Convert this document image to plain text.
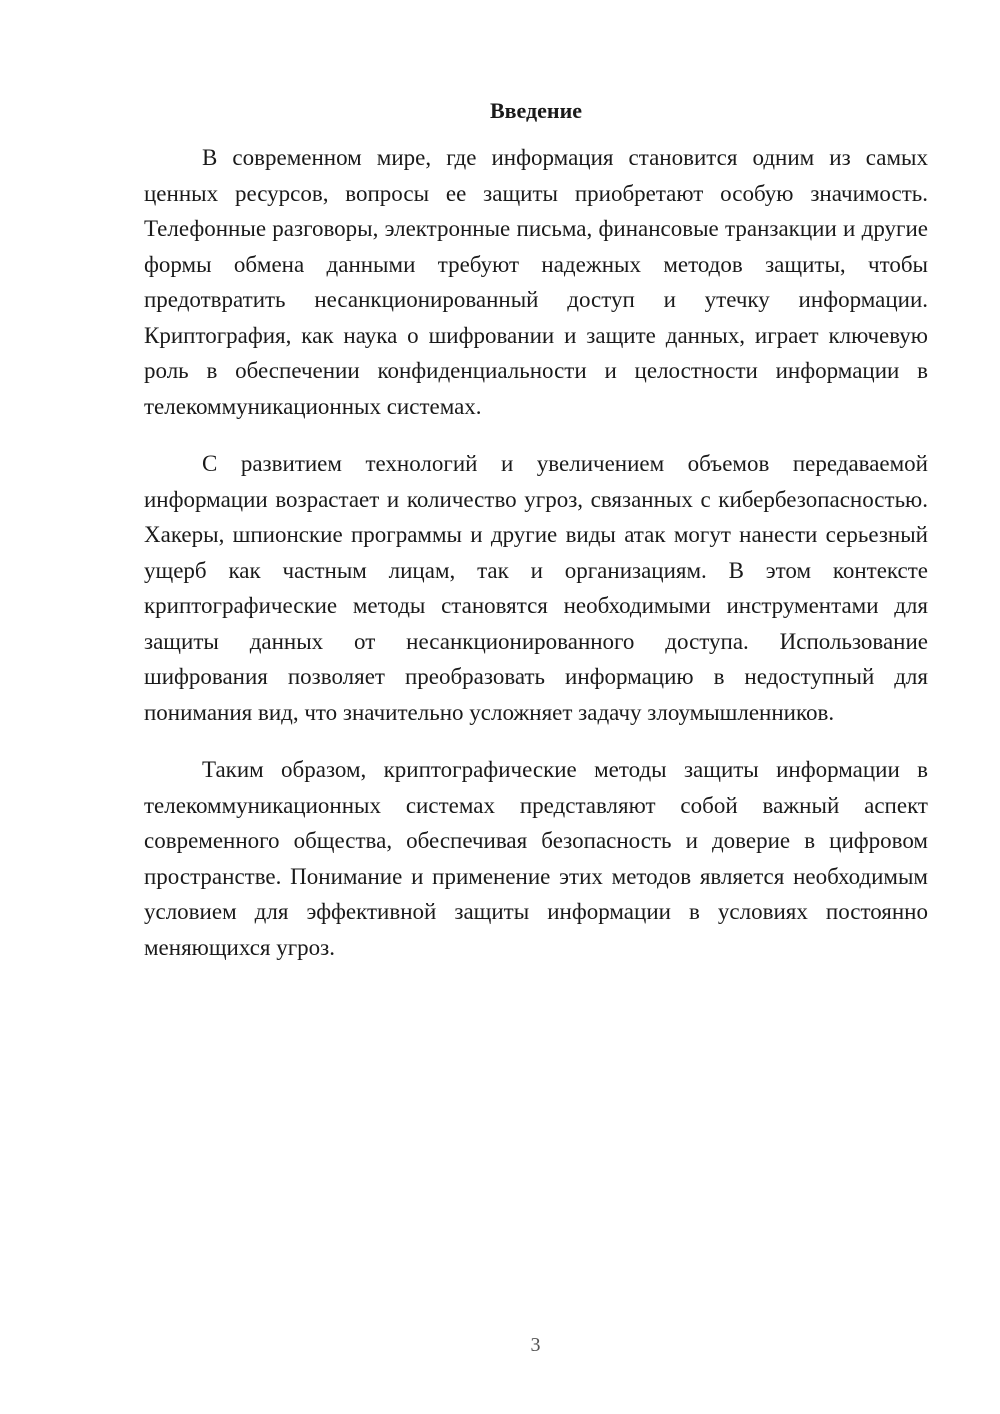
Введение

В современном мире, где информация становится одним из самых ценных ресурсов, вопросы ее защиты приобретают особую значимость. Телефонные разговоры, электронные письма, финансовые транзакции и другие формы обмена данными требуют надежных методов защиты, чтобы предотвратить несанкционированный доступ и утечку информации. Криптография, как наука о шифровании и защите данных, играет ключевую роль в обеспечении конфиденциальности и целостности информации в телекоммуникационных системах.

С развитием технологий и увеличением объемов передаваемой информации возрастает и количество угроз, связанных с кибербезопасностью. Хакеры, шпионские программы и другие виды атак могут нанести серьезный ущерб как частным лицам, так и организациям. В этом контексте криптографические методы становятся необходимыми инструментами для защиты данных от несанкционированного доступа. Использование шифрования позволяет преобразовать информацию в недоступный для понимания вид, что значительно усложняет задачу злоумышленников.

Таким образом, криптографические методы защиты информации в телекоммуникационных системах представляют собой важный аспект современного общества, обеспечивая безопасность и доверие в цифровом пространстве. Понимание и применение этих методов является необходимым условием для эффективной защиты информации в условиях постоянно меняющихся угроз.

3
